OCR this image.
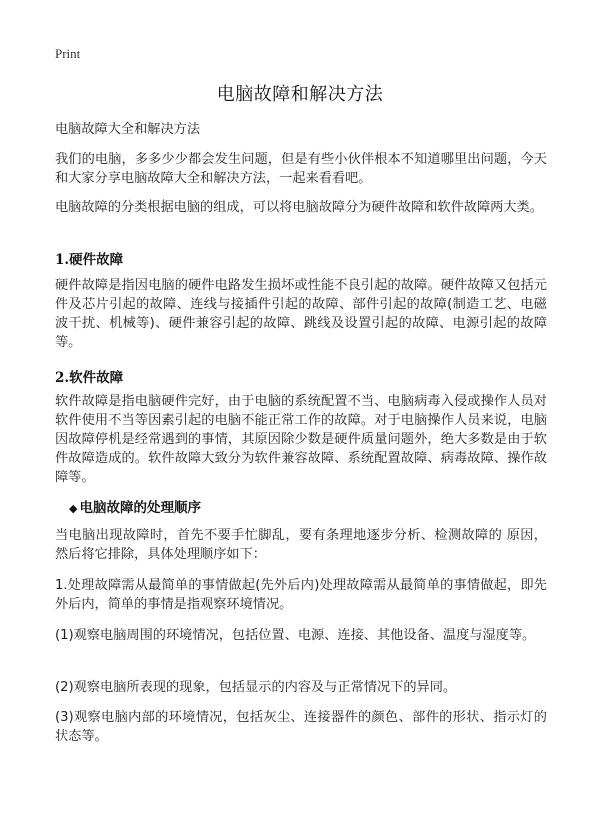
Print
电脑故障和解决方法
电脑故障大全和解决方法
我们的电脑，多多少少都会发生问题，但是有些小伙伴根本不知道哪里出问题，今天和大家分享电脑故障大全和解决方法，一起来看看吧。
电脑故障的分类根据电脑的组成，可以将电脑故障分为硬件故障和软件故障两大类。
1.硬件故障
硬件故障是指因电脑的硬件电路发生损坏或性能不良引起的故障。硬件故障又包括元件及芯片引起的故障、连线与接插件引起的故障、部件引起的故障(制造工艺、电磁波干扰、机械等)、硬件兼容引起的故障、跳线及设置引起的故障、电源引起的故障等。
2.软件故障
软件故障是指电脑硬件完好，由于电脑的系统配置不当、电脑病毒入侵或操作人员对软件使用不当等因素引起的电脑不能正常工作的故障。对于电脑操作人员来说，电脑因故障停机是经常遇到的事情，其原因除少数是硬件质量问题外，绝大多数是由于软件故障造成的。软件故障大致分为软件兼容故障、系统配置故障、病毒故障、操作故障等。
◆ 电脑故障的处理顺序
当电脑出现故障时，首先不要手忙脚乱，要有条理地逐步分析、检测故障的 原因，然后将它排除，具体处理顺序如下：
1.处理故障需从最简单的事情做起(先外后内)处理故障需从最简单的事情做起，即先外后内，简单的事情是指观察环境情况。
(1)观察电脑周围的环境情况，包括位置、电源、连接、其他设备、温度与湿度等。
(2)观察电脑所表现的现象，包括显示的内容及与正常情况下的异同。
(3)观察电脑内部的环境情况，包括灰尘、连接器件的颜色、部件的形状、指示灯的状态等。
